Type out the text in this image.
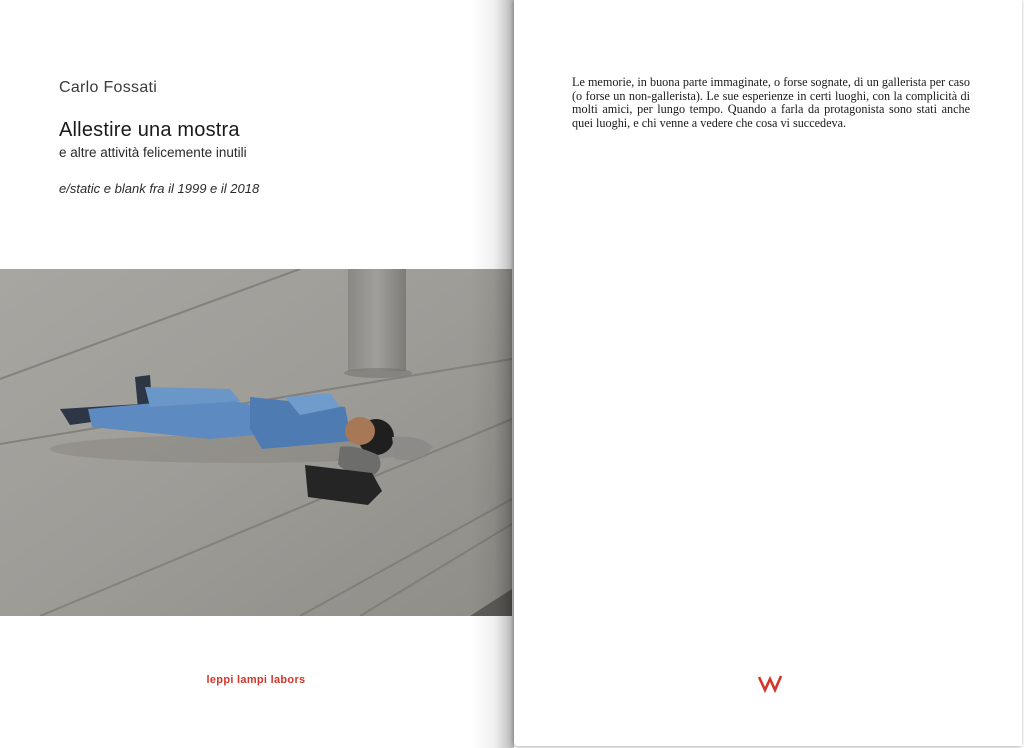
Carlo Fossati
Allestire una mostra
e altre attività felicemente inutili
e/static e blank fra il 1999 e il 2018
leppi lampi labors
Le memorie, in buona parte immaginate, o forse sognate, di un gallerista per caso (o forse un non-gallerista). Le sue esperienze in certi luoghi, con la complicità di molti amici, per lungo tempo. Quando a farla da protagonista sono stati anche quei luoghi, e chi venne a vedere che cosa vi succedeva.
